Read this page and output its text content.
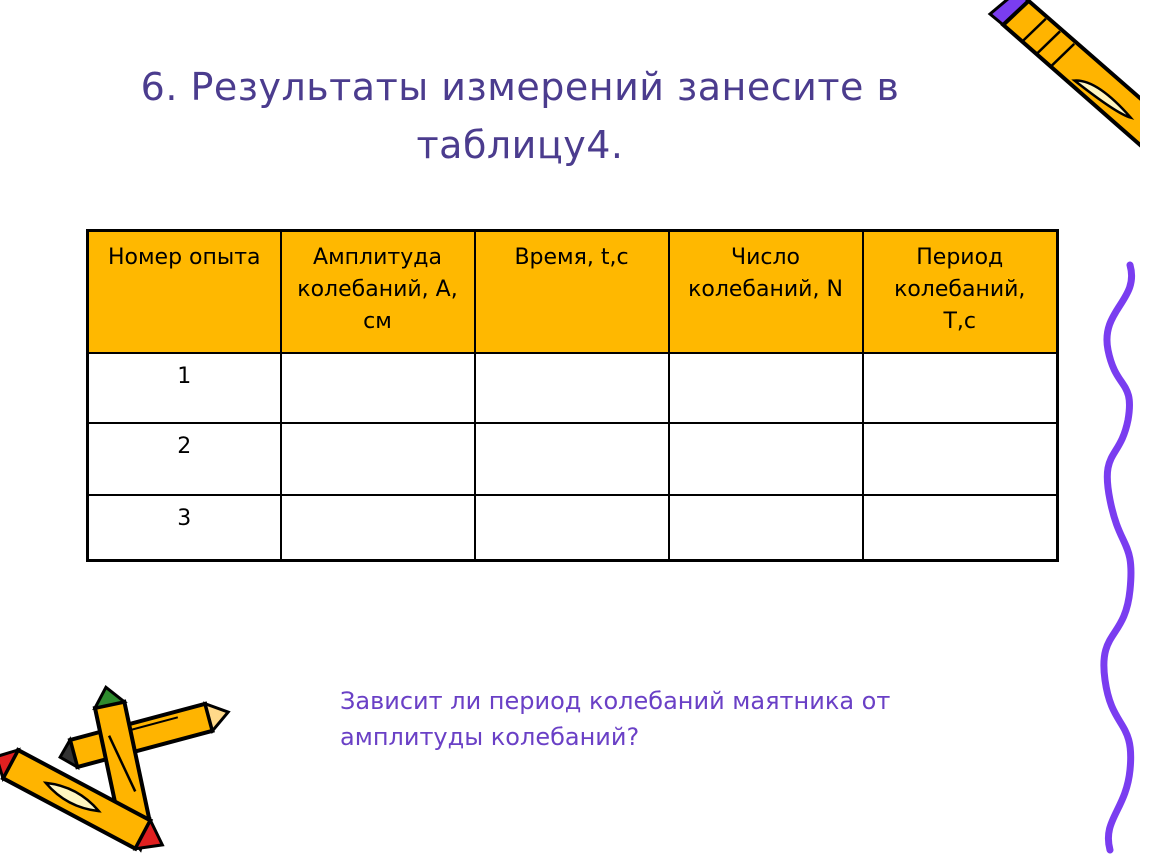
6. Результаты измерений занесите в
таблицу4.
Номер опыта	Амплитуда колебаний, А, см	Время, t,с	Число колебаний, N	Период колебаний, Т,с
1				
2				
3				
Зависит ли период колебаний маятника от
амплитуды колебаний?
